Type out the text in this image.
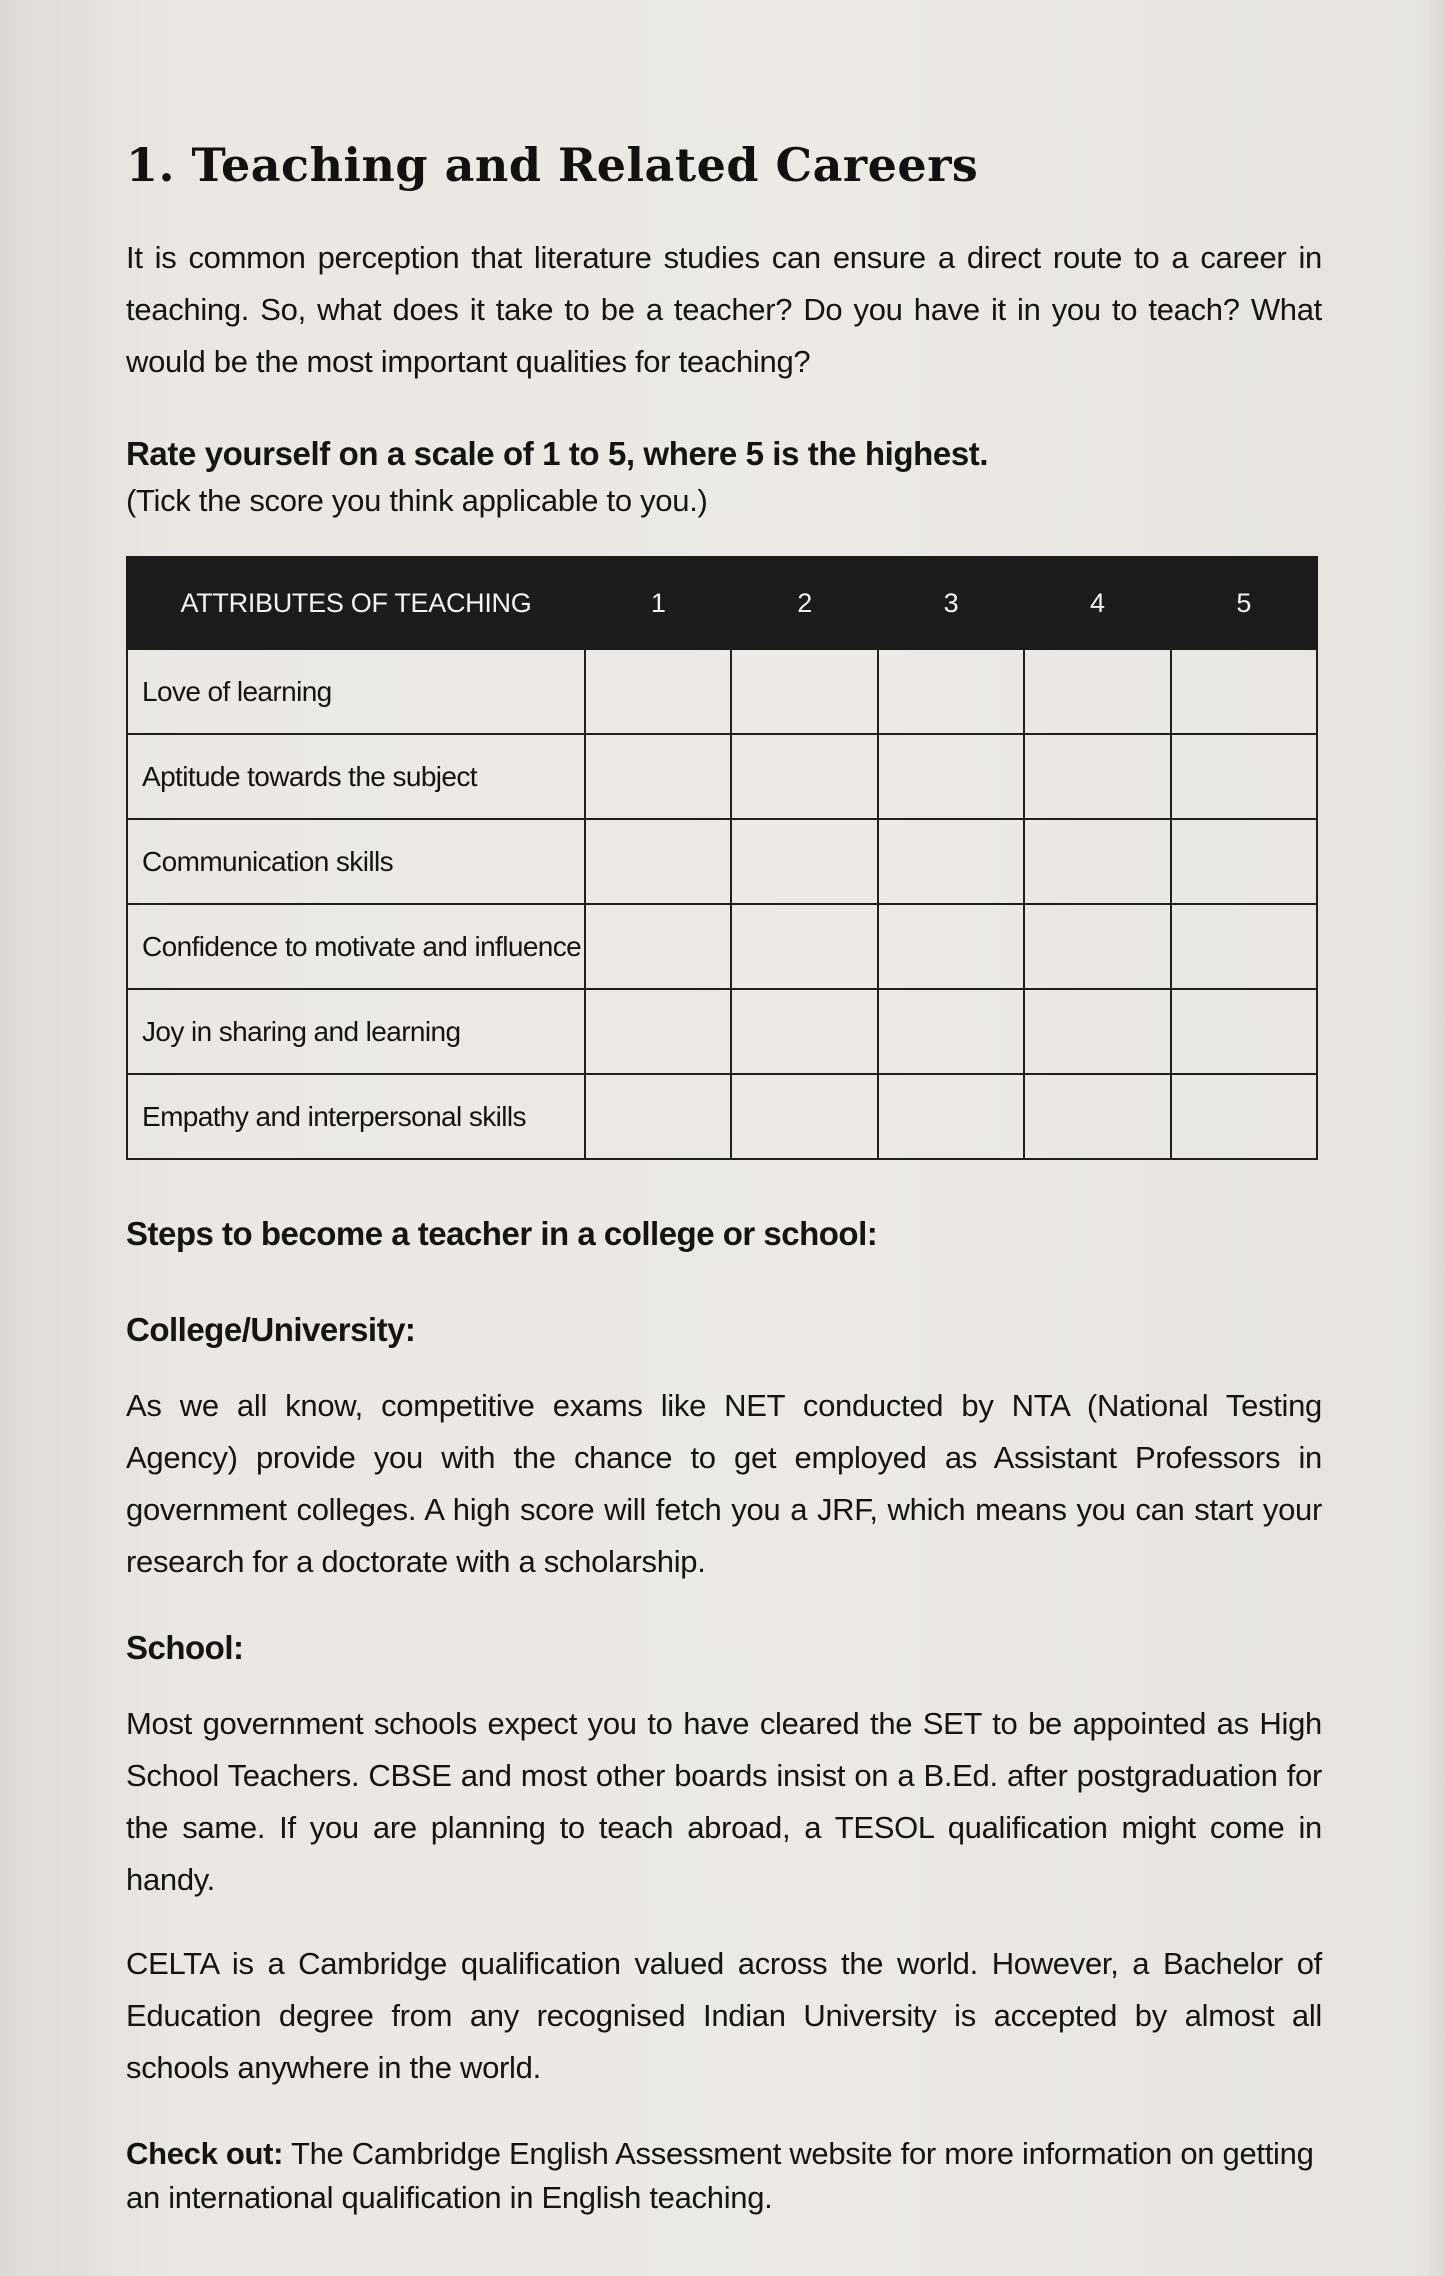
1. Teaching and Related Careers

It is common perception that literature studies can ensure a direct route to a career in teaching. So, what does it take to be a teacher? Do you have it in you to teach? What would be the most important qualities for teaching?

Rate yourself on a scale of 1 to 5, where 5 is the highest.

(Tick the score you think applicable to you.)

ATTRIBUTES OF TEACHING	1	2	3	4	5
Love of learning					
Aptitude towards the subject					
Communication skills					
Confidence to motivate and influence					
Joy in sharing and learning					
Empathy and interpersonal skills					

Steps to become a teacher in a college or school:

College/University:

As we all know, competitive exams like NET conducted by NTA (National Testing Agency) provide you with the chance to get employed as Assistant Professors in government colleges. A high score will fetch you a JRF, which means you can start your research for a doctorate with a scholarship.

School:

Most government schools expect you to have cleared the SET to be appointed as High School Teachers. CBSE and most other boards insist on a B.Ed. after postgraduation for the same. If you are planning to teach abroad, a TESOL qualification might come in handy.

CELTA is a Cambridge qualification valued across the world. However, a Bachelor of Education degree from any recognised Indian University is accepted by almost all schools anywhere in the world.

Check out: The Cambridge English Assessment website for more information on getting an international qualification in English teaching.
